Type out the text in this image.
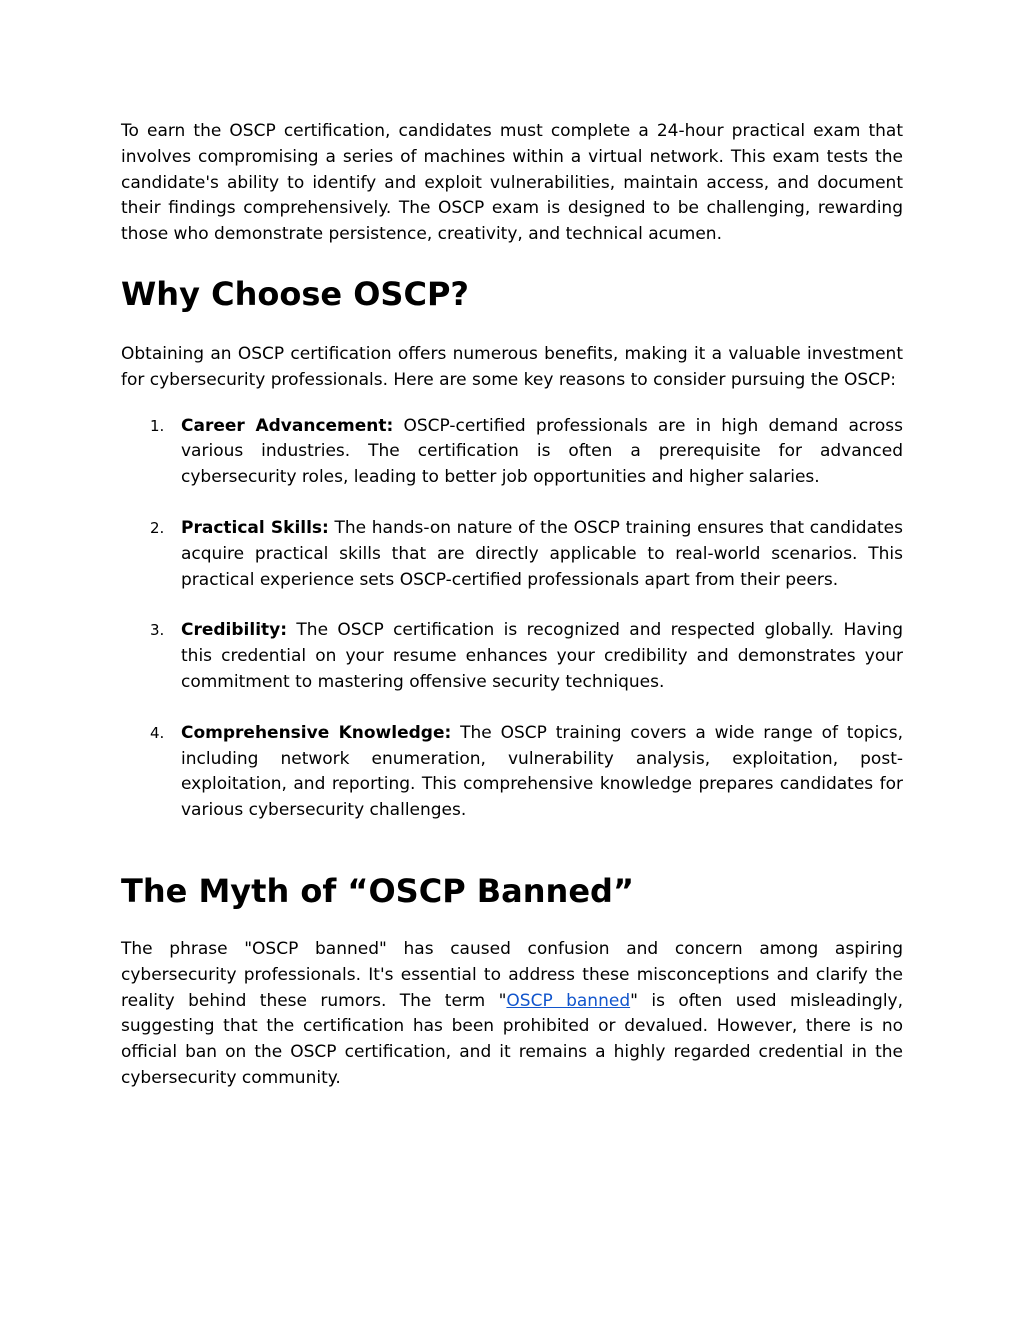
To earn the OSCP certification, candidates must complete a 24-hour practical exam that involves compromising a series of machines within a virtual network. This exam tests the candidate's ability to identify and exploit vulnerabilities, maintain access, and document their findings comprehensively. The OSCP exam is designed to be challenging, rewarding those who demonstrate persistence, creativity, and technical acumen.

Why Choose OSCP?

Obtaining an OSCP certification offers numerous benefits, making it a valuable investment for cybersecurity professionals. Here are some key reasons to consider pursuing the OSCP:

1. Career Advancement: OSCP-certified professionals are in high demand across various industries. The certification is often a prerequisite for advanced cybersecurity roles, leading to better job opportunities and higher salaries.
2. Practical Skills: The hands-on nature of the OSCP training ensures that candidates acquire practical skills that are directly applicable to real-world scenarios. This practical experience sets OSCP-certified professionals apart from their peers.
3. Credibility: The OSCP certification is recognized and respected globally. Having this credential on your resume enhances your credibility and demonstrates your commitment to mastering offensive security techniques.
4. Comprehensive Knowledge: The OSCP training covers a wide range of topics, including network enumeration, vulnerability analysis, exploitation, post-exploitation, and reporting. This comprehensive knowledge prepares candidates for various cybersecurity challenges.
The Myth of “OSCP Banned”

The phrase "OSCP banned" has caused confusion and concern among aspiring cybersecurity professionals. It's essential to address these misconceptions and clarify the reality behind these rumors. The term "OSCP banned" is often used misleadingly, suggesting that the certification has been prohibited or devalued. However, there is no official ban on the OSCP certification, and it remains a highly regarded credential in the cybersecurity community.
